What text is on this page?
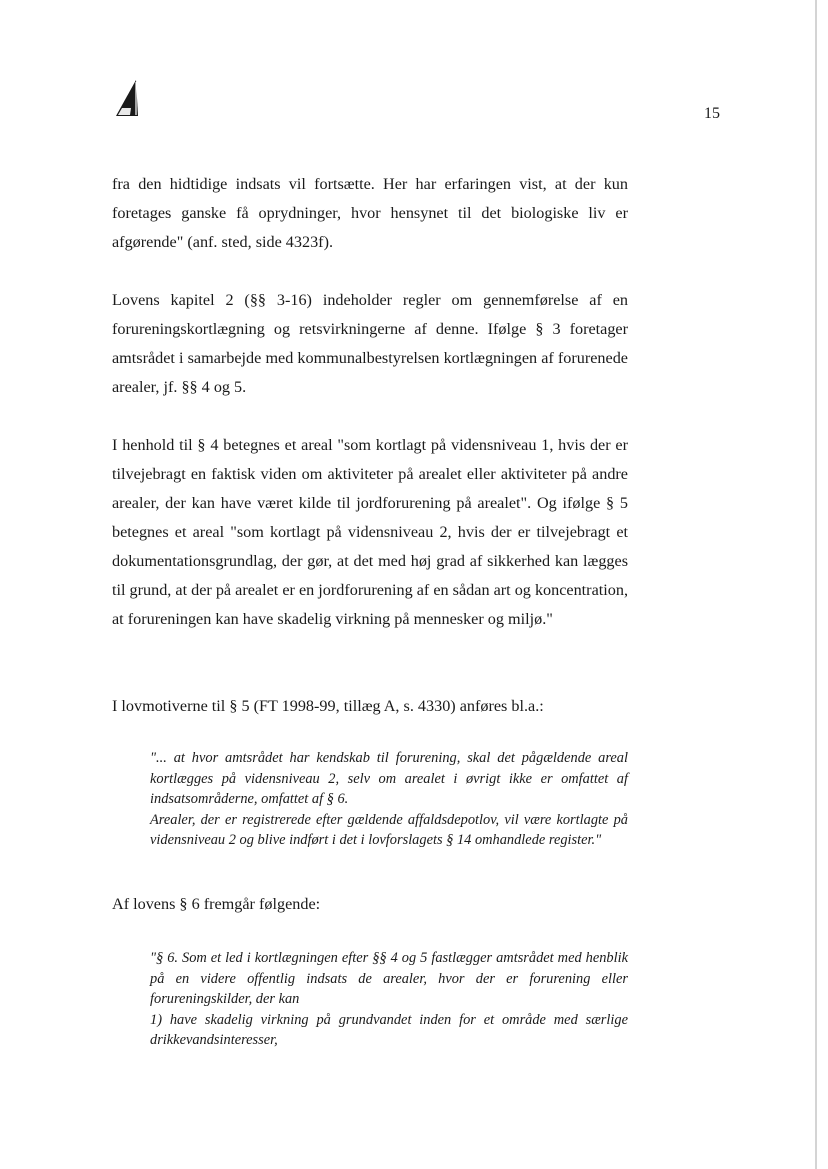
15

fra den hidtidige indsats vil fortsætte. Her har erfaringen vist, at der kun foretages ganske få oprydninger, hvor hensynet til det biologiske liv er afgørende" (anf. sted, side 4323f).

Lovens kapitel 2 (§§ 3-16) indeholder regler om gennemførelse af en forureningskortlægning og retsvirkningerne af denne. Ifølge § 3 foretager amtsrådet i samarbejde med kommunalbestyrelsen kortlægningen af forurenede arealer, jf. §§ 4 og 5.

I henhold til § 4 betegnes et areal "som kortlagt på vidensniveau 1, hvis der er tilvejebragt en faktisk viden om aktiviteter på arealet eller aktiviteter på andre arealer, der kan have været kilde til jordforurening på arealet". Og ifølge § 5 betegnes et areal "som kortlagt på vidensniveau 2, hvis der er tilvejebragt et dokumentationsgrundlag, der gør, at det med høj grad af sikkerhed kan lægges til grund, at der på arealet er en jordforurening af en sådan art og koncentration, at forureningen kan have skadelig virkning på mennesker og miljø."

I lovmotiverne til § 5 (FT 1998-99, tillæg A, s. 4330) anføres bl.a.:

"... at hvor amtsrådet har kendskab til forurening, skal det pågældende areal kortlægges på vidensniveau 2, selv om arealet i øvrigt ikke er omfattet af indsatsområderne, omfattet af § 6.
Arealer, der er registrerede efter gældende affaldsdepotlov, vil være kortlagte på vidensniveau 2 og blive indført i det i lovforslagets § 14 omhandlede register."

Af lovens § 6 fremgår følgende:

"§ 6. Som et led i kortlægningen efter §§ 4 og 5 fastlægger amtsrådet med henblik på en videre offentlig indsats de arealer, hvor der er forurening eller forureningskilder, der kan
1) have skadelig virkning på grundvandet inden for et område med særlige drikkevandsinteresser,
